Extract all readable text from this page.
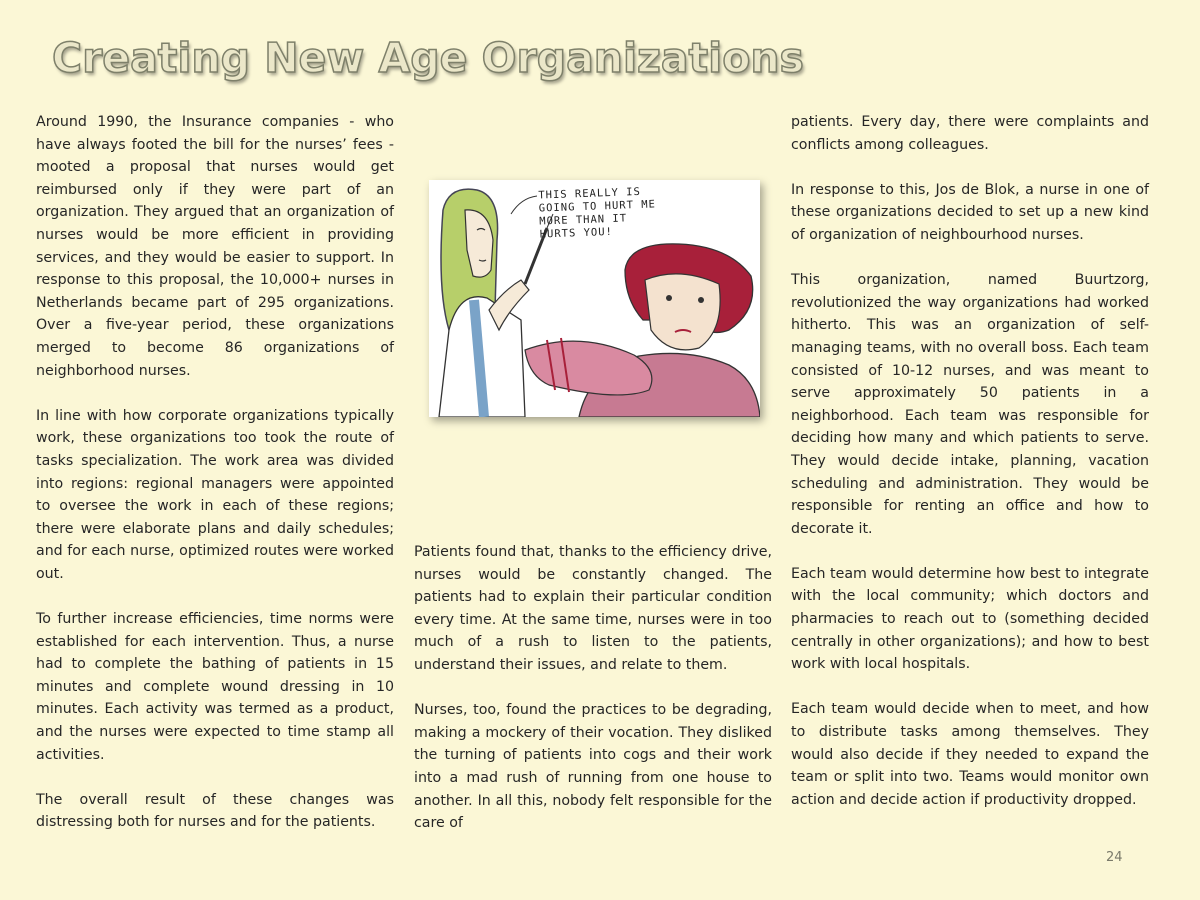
Creating New Age Organizations

Around 1990, the Insurance companies - who have always footed the bill for the nurses’ fees - mooted a proposal that nurses would get reimbursed only if they were part of an organization. They argued that an organization of nurses would be more efficient in providing services, and they would be easier to support. In response to this proposal, the 10,000+ nurses in Netherlands became part of 295 organizations. Over a five-year period, these organizations merged to become 86 organizations of neighborhood nurses.

In line with how corporate organizations typically work, these organizations too took the route of tasks specialization. The work area was divided into regions: regional managers were appointed to oversee the work in each of these regions; there were elaborate plans and daily schedules; and for each nurse, optimized routes were worked out.

To further increase efficiencies, time norms were established for each intervention. Thus, a nurse had to complete the bathing of patients in 15 minutes and complete wound dressing in 10 minutes. Each activity was termed as a product, and the nurses were expected to time stamp all activities.

The overall result of these changes was distressing both for nurses and for the patients.

THIS REALLY IS
GOING TO HURT ME
MORE THAN IT
HURTS YOU!

Patients found that, thanks to the efficiency drive, nurses would be constantly changed. The patients had to explain their particular condition every time. At the same time, nurses were in too much of a rush to listen to the patients, understand their issues, and relate to them.

Nurses, too, found the practices to be degrading, making a mockery of their vocation. They disliked the turning of patients into cogs and their work into a mad rush of running from one house to another. In all this, nobody felt responsible for the care of

patients. Every day, there were complaints and conflicts among colleagues.

In response to this, Jos de Blok, a nurse in one of these organizations decided to set up a new kind of organization of neighbourhood nurses.

This organization, named Buurtzorg, revolutionized the way organizations had worked hitherto. This was an organization of self-managing teams, with no overall boss. Each team consisted of 10-12 nurses, and was meant to serve approximately 50 patients in a neighborhood. Each team was responsible for deciding how many and which patients to serve. They would decide intake, planning, vacation scheduling and administration. They would be responsible for renting an office and how to decorate it.

Each team would determine how best to integrate with the local community; which doctors and pharmacies to reach out to (something decided centrally in other organizations); and how to best work with local hospitals.

Each team would decide when to meet, and how to distribute tasks among themselves. They would also decide if they needed to expand the team or split into two. Teams would monitor own action and decide action if productivity dropped.

24
